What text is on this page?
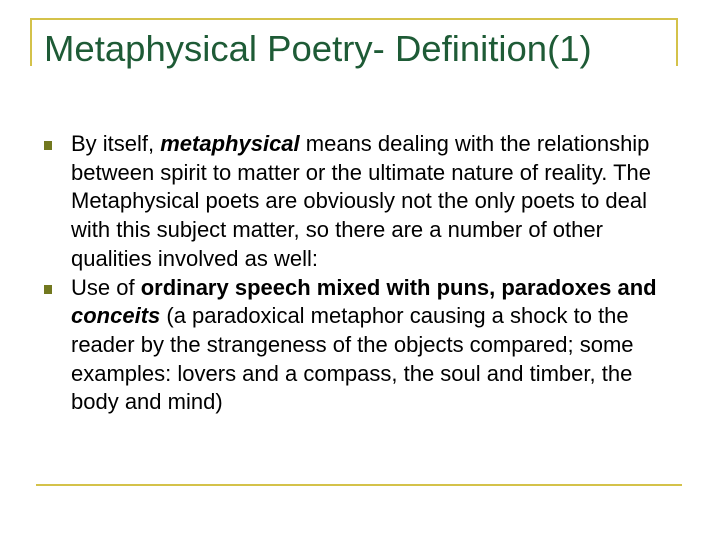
Metaphysical Poetry- Definition(1)
By itself, metaphysical means dealing with the relationship between spirit to matter or the ultimate nature of reality. The Metaphysical poets are obviously not the only poets to deal with this subject matter, so there are a number of other qualities involved as well:
Use of ordinary speech mixed with puns, paradoxes and conceits (a paradoxical metaphor causing a shock to the reader by the strangeness of the objects compared; some examples: lovers and a compass, the soul and timber, the body and mind)
